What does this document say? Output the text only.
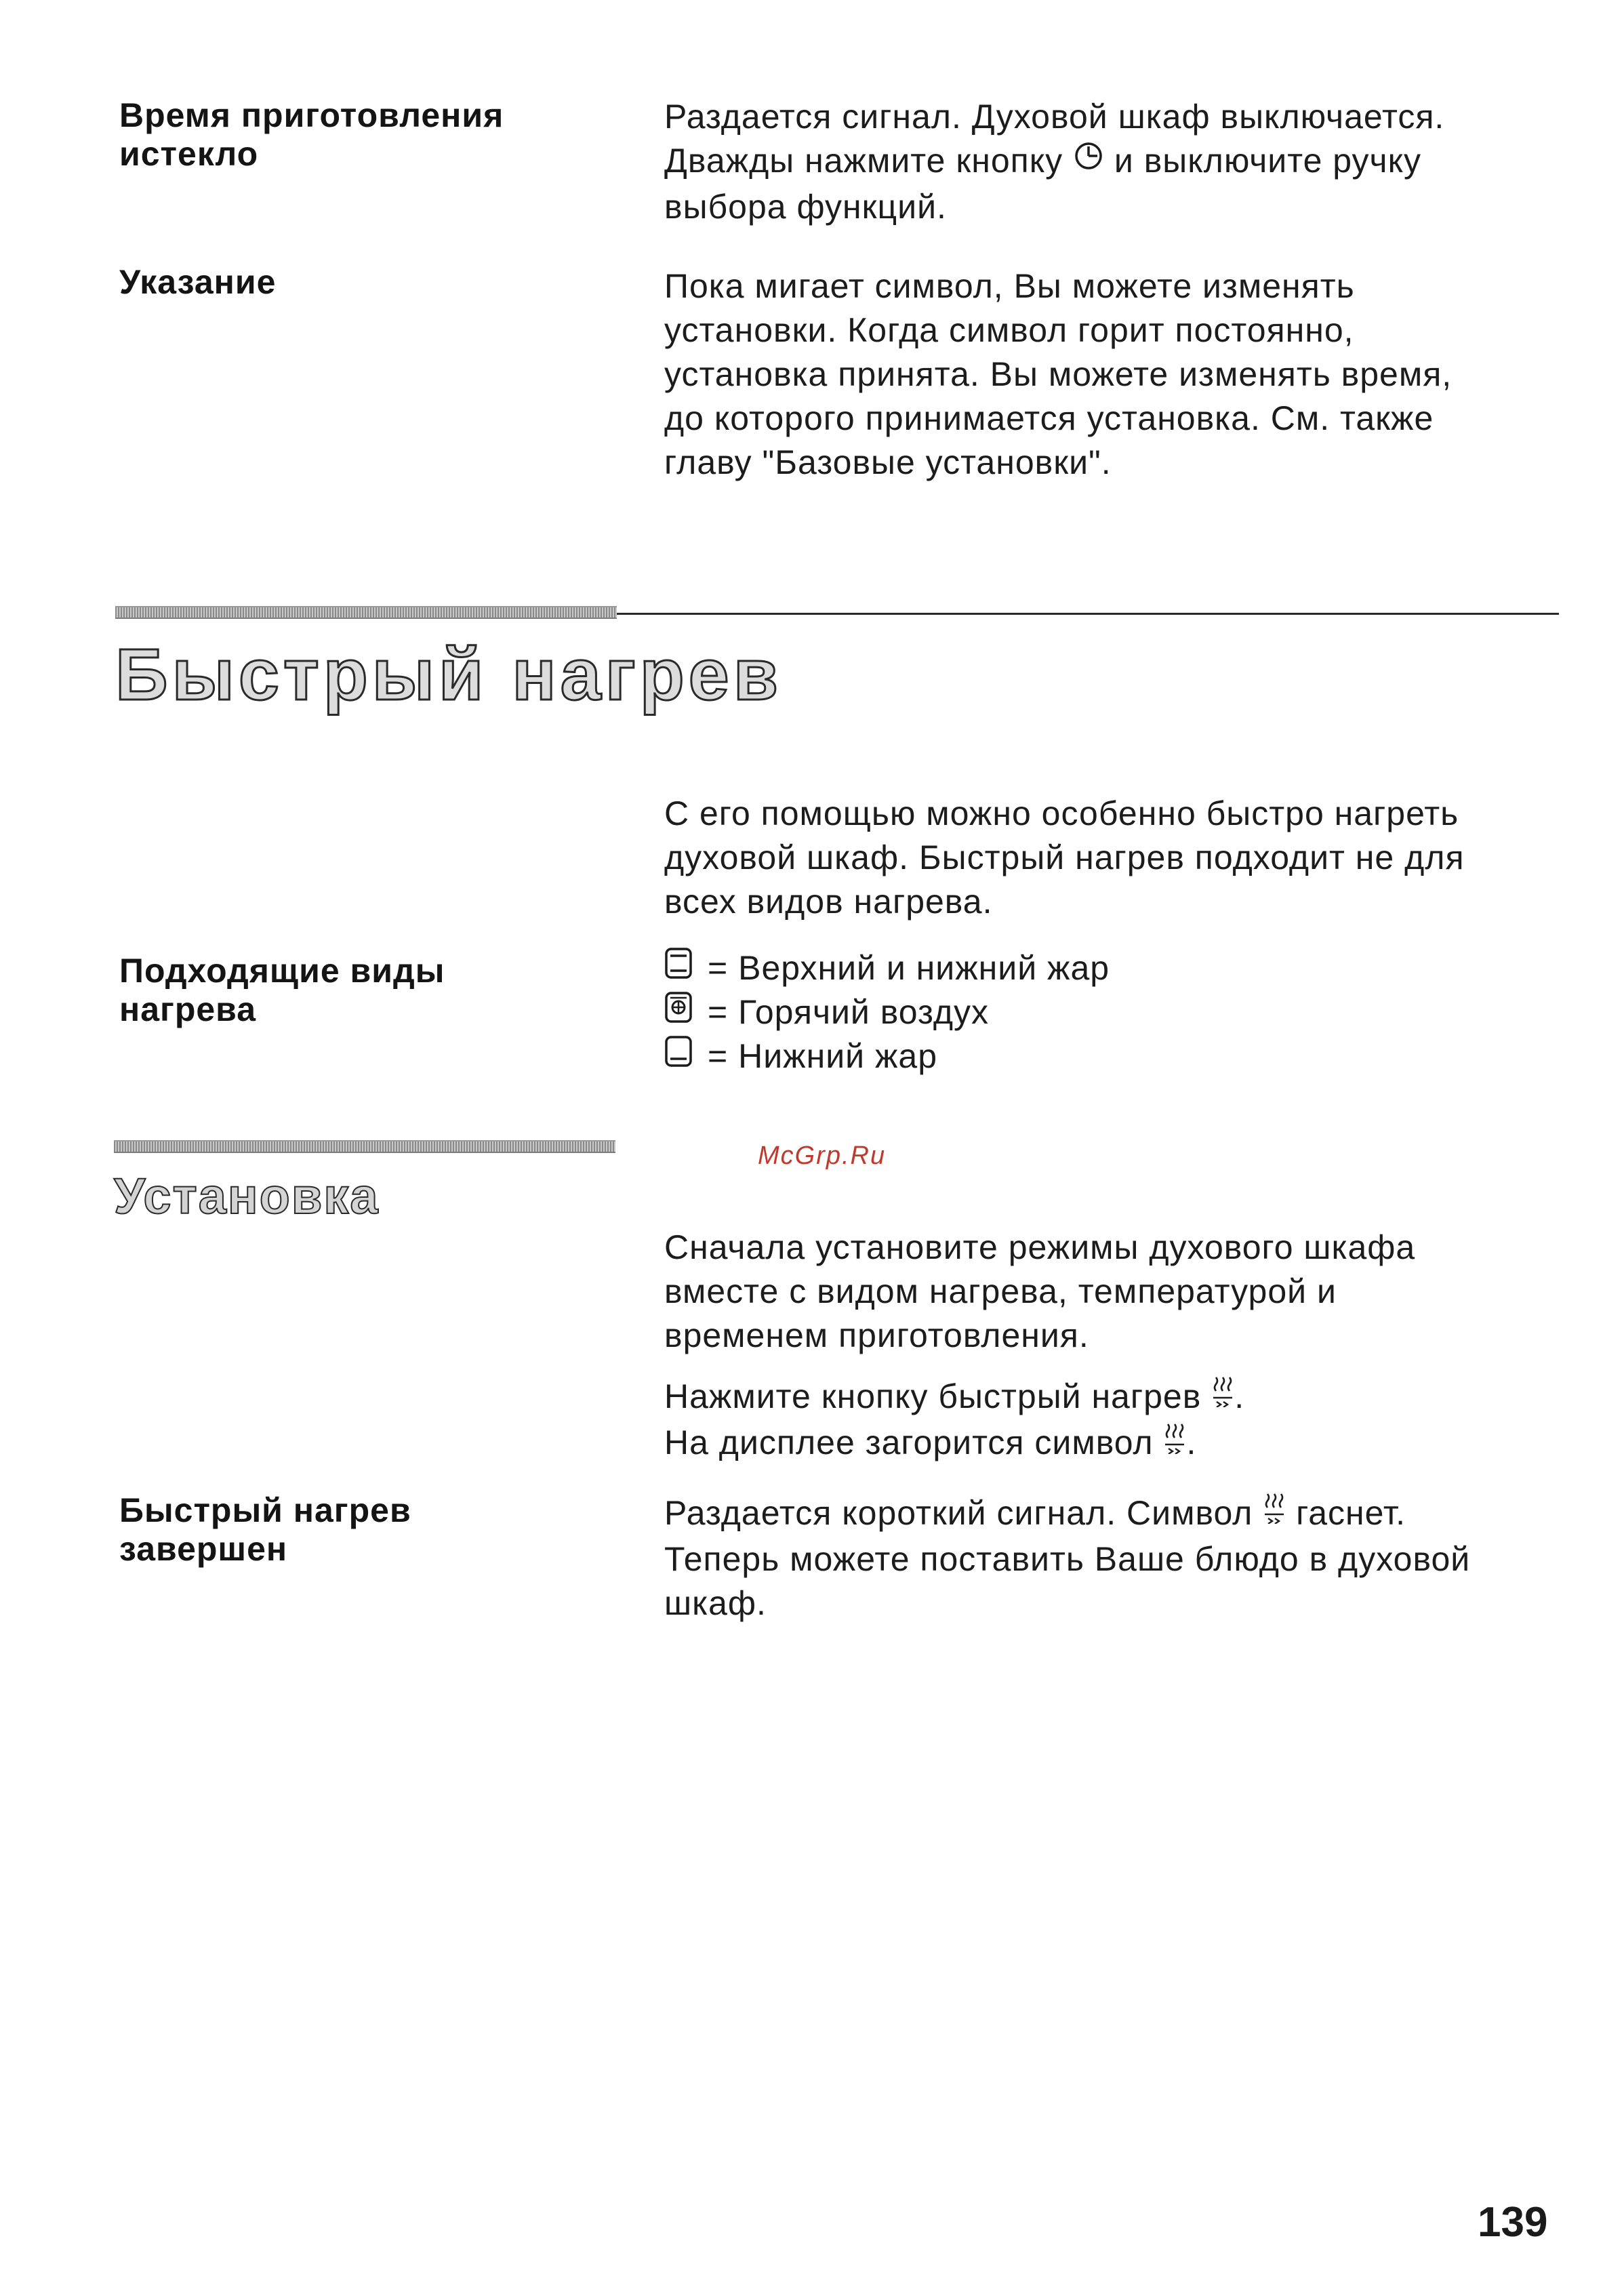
Время приготовления
истекло
Раздается сигнал. Духовой шкаф выключается.
Дважды нажмите кнопку  и выключите ручку
выбора функций.
Указание	Пока мигает символ, Вы можете изменять
установки. Когда символ горит постоянно,
установка принята. Вы можете изменять время,
до которого принимается установка. См. также
главу "Базовые установки".
Быстрый нагрев
С его помощью можно особенно быстро нагреть
духовой шкаф. Быстрый нагрев подходит не для
всех видов нагрева.
Подходящие виды
нагрева
= Верхний и нижний жар
= Горячий воздух
= Нижний жар
Установка
McGrp.Ru
Сначала установите режимы духового шкафа
вместе с видом нагрева, температурой и
временем приготовления.
Нажмите кнопку быстрый нагрев .
На дисплее загорится символ .
Быстрый нагрев
завершен
Раздается короткий сигнал. Символ  гаснет.
Теперь можете поставить Ваше блюдо в духовой
шкаф.
139
